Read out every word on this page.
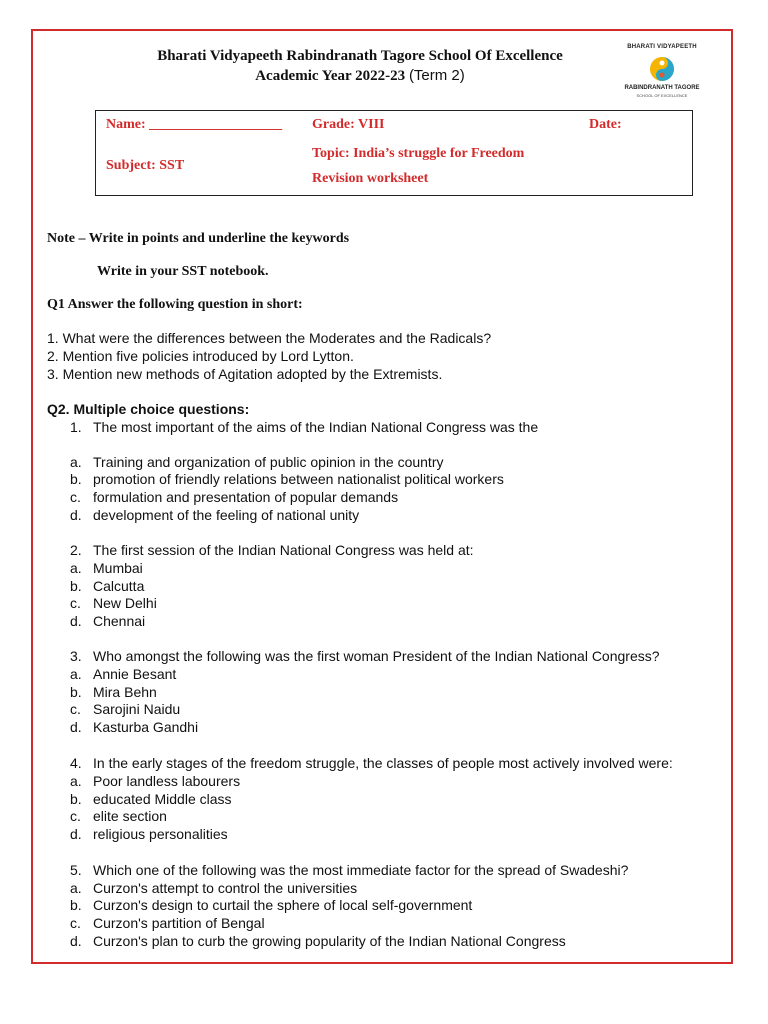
Bharati Vidyapeeth Rabindranath Tagore School Of Excellence
Academic Year 2022-23 (Term 2)
BHARATI VIDYAPEETH
RABINDRANATH TAGORE
SCHOOL OF EXCELLENCE
Name: ___________________ Grade: VIII	Date:
Subject: SST
Topic: India’s struggle for Freedom
Revision worksheet
Note – Write in points and underline the keywords
Write in your SST notebook.
Q1 Answer the following question in short:
1. What were the differences between the Moderates and the Radicals?
2. Mention five policies introduced by Lord Lytton.
3. Mention new methods of Agitation adopted by the Extremists.
Q2. Multiple choice questions:
1. The most important of the aims of the Indian National Congress was the
a. Training and organization of public opinion in the country
b. promotion of friendly relations between nationalist political workers
c. formulation and presentation of popular demands
d. development of the feeling of national unity
2. The first session of the Indian National Congress was held at:
a. Mumbai
b. Calcutta
c. New Delhi
d. Chennai
3. Who amongst the following was the first woman President of the Indian National Congress?
a. Annie Besant
b. Mira Behn
c. Sarojini Naidu
d. Kasturba Gandhi
4. In the early stages of the freedom struggle, the classes of people most actively involved were:
a. Poor landless labourers
b. educated Middle class
c. elite section
d. religious personalities
5. Which one of the following was the most immediate factor for the spread of Swadeshi?
a. Curzon's attempt to control the universities
b. Curzon's design to curtail the sphere of local self-government
c. Curzon's partition of Bengal
d. Curzon's plan to curb the growing popularity of the Indian National Congress
